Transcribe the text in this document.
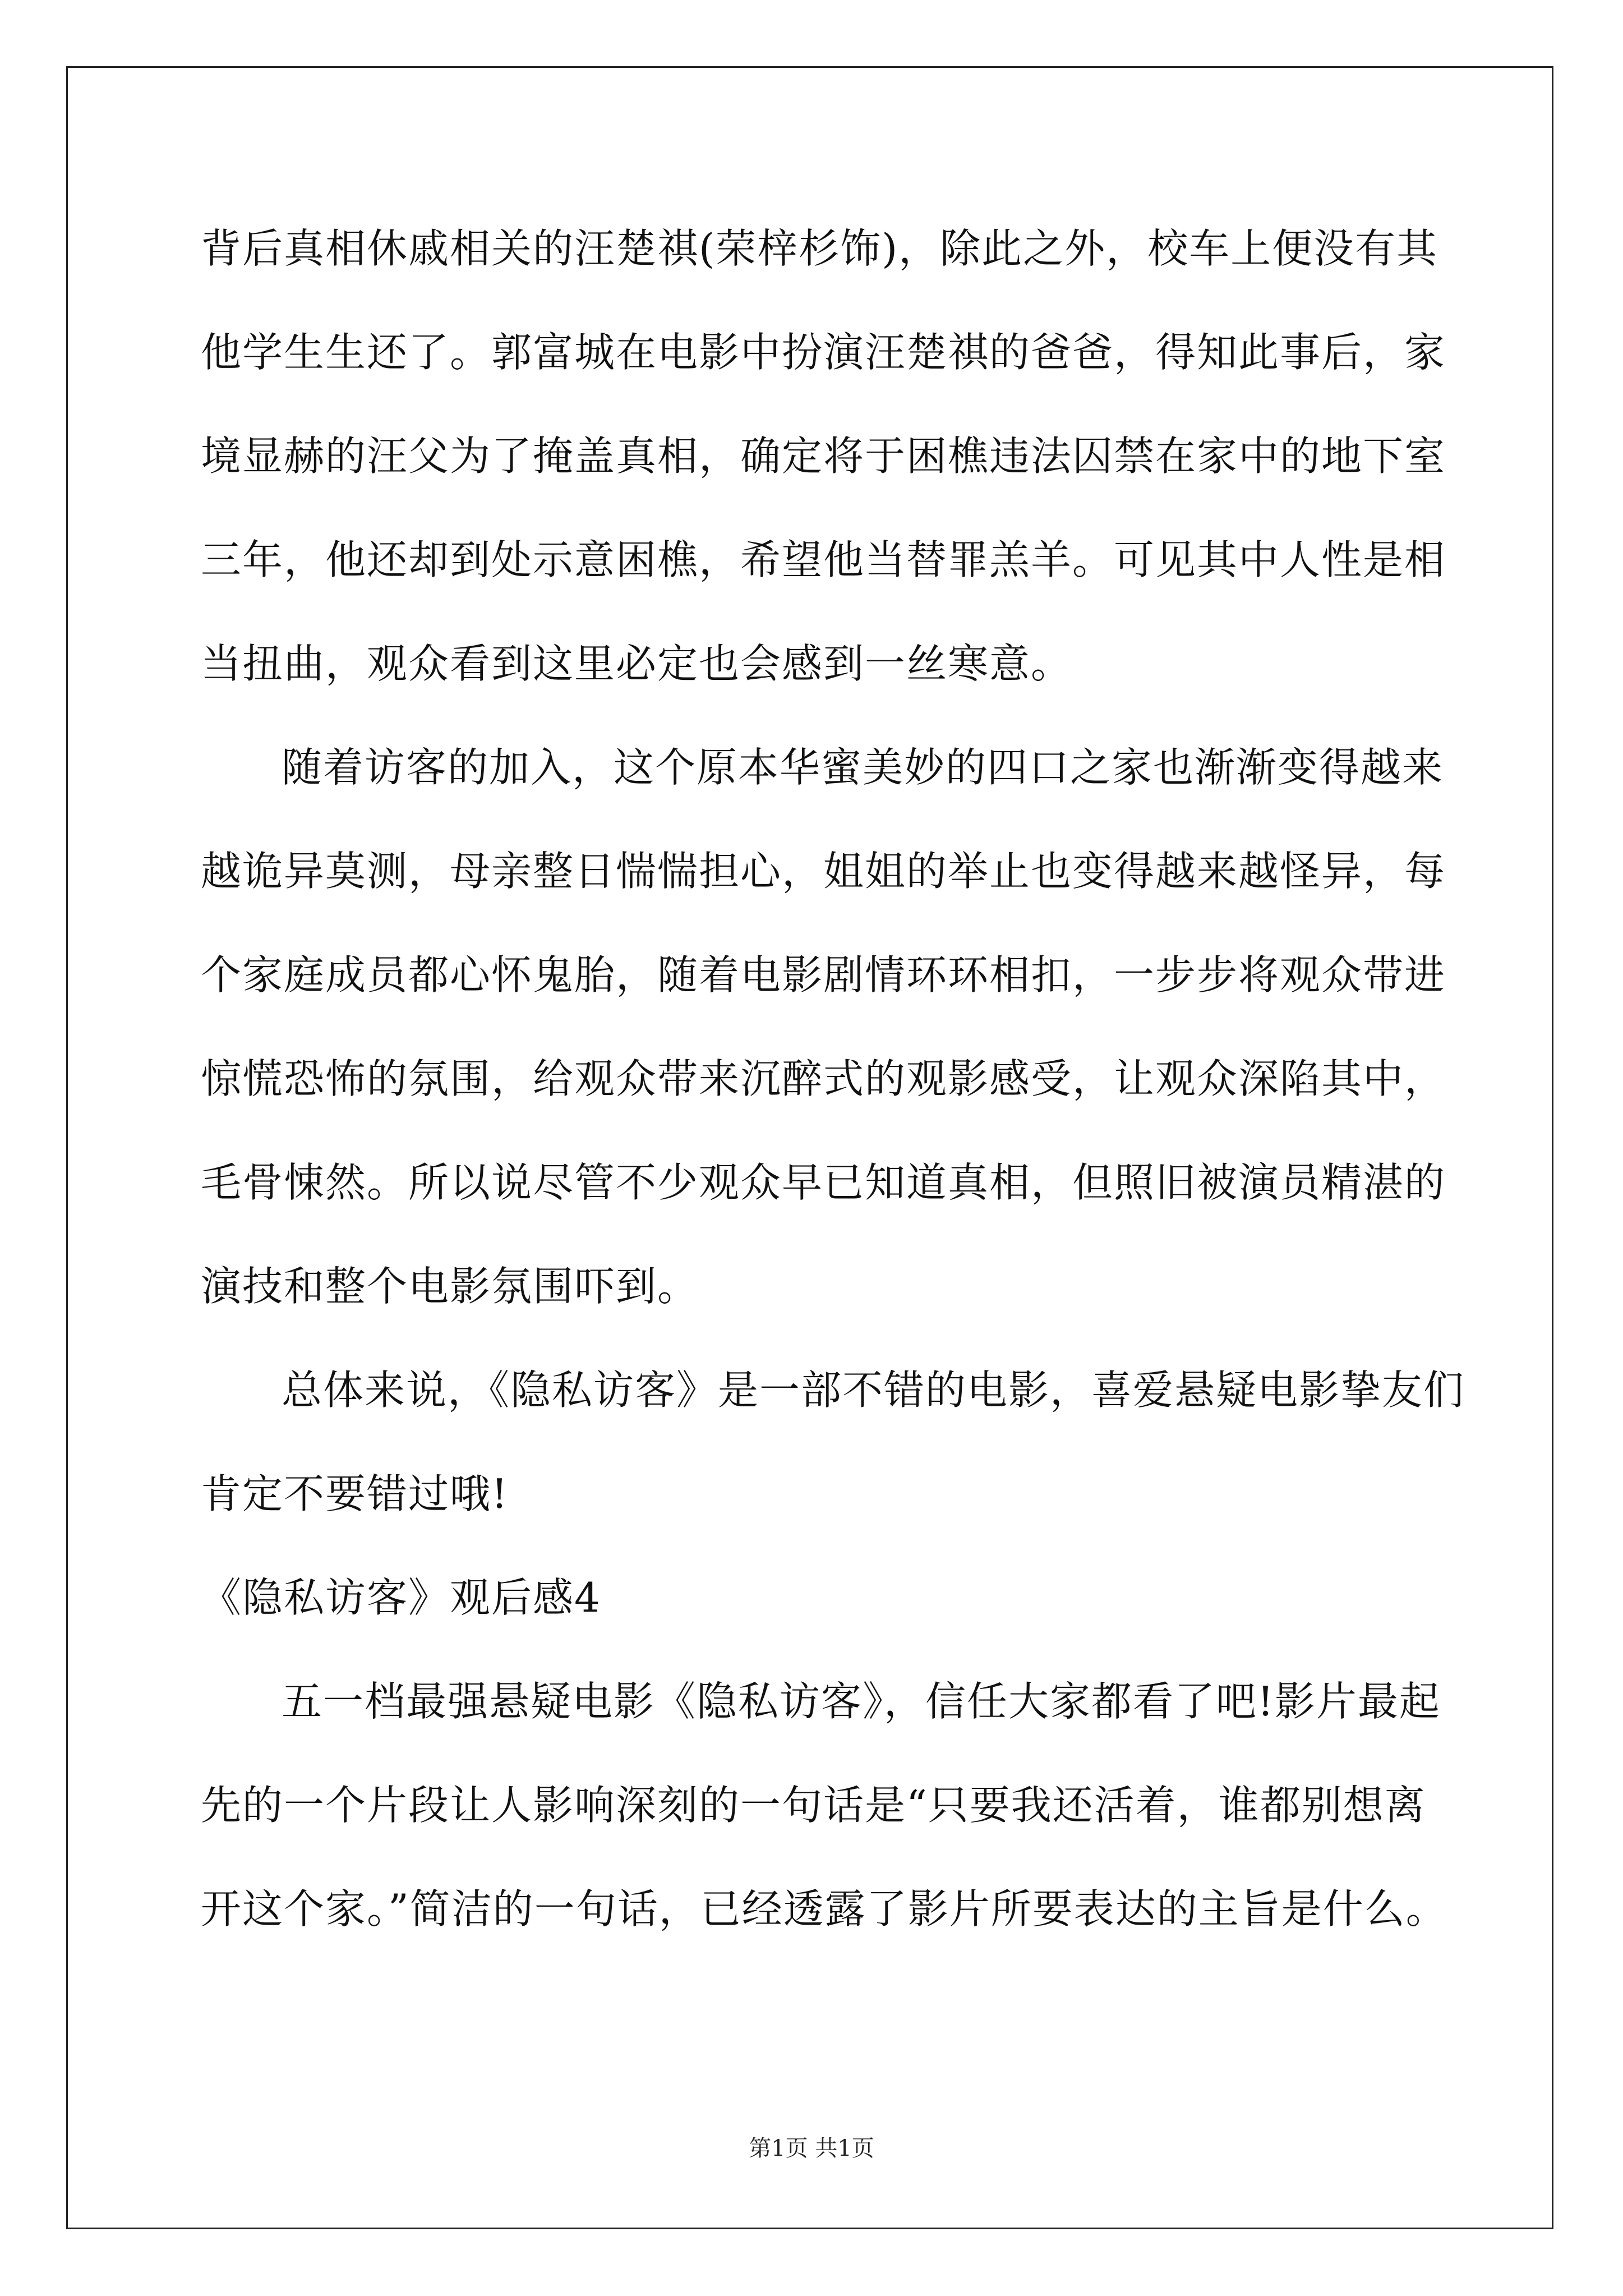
背后真相休戚相关的汪楚祺(荣梓杉饰)，除此之外，校车上便没有其
他学生生还了。郭富城在电影中扮演汪楚祺的爸爸，得知此事后，家
境显赫的汪父为了掩盖真相，确定将于困樵违法囚禁在家中的地下室
三年，他还却到处示意困樵，希望他当替罪羔羊。可见其中人性是相
当扭曲，观众看到这里必定也会感到一丝寒意。
随着访客的加入，这个原本华蜜美妙的四口之家也渐渐变得越来
越诡异莫测，母亲整日惴惴担心，姐姐的举止也变得越来越怪异，每
个家庭成员都心怀鬼胎，随着电影剧情环环相扣，一步步将观众带进
惊慌恐怖的氛围，给观众带来沉醉式的观影感受，让观众深陷其中，
毛骨悚然。所以说尽管不少观众早已知道真相，但照旧被演员精湛的
演技和整个电影氛围吓到。
总体来说，《隐私访客》是一部不错的电影，喜爱悬疑电影挚友们
肯定不要错过哦!
《隐私访客》观后感4
五一档最强悬疑电影《隐私访客》，信任大家都看了吧!影片最起
先的一个片段让人影响深刻的一句话是“只要我还活着，谁都别想离
开这个家。”简洁的一句话，已经透露了影片所要表达的主旨是什么。
第1页 共1页
